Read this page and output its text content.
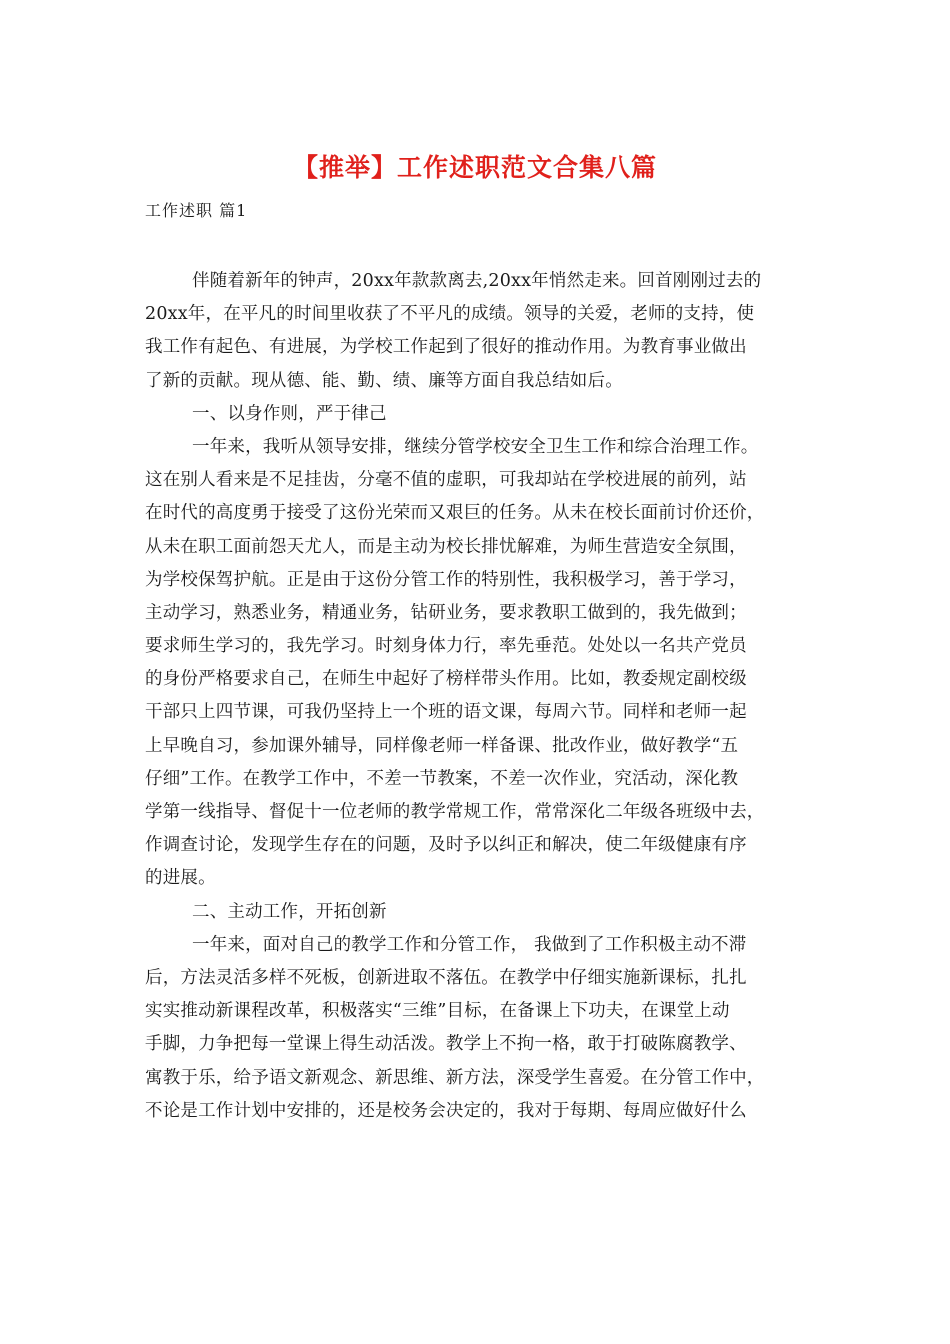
【推举】工作述职范文合集八篇
工作述职 篇1
伴随着新年的钟声，20xx年款款离去,20xx年悄然走来。回首刚刚过去的
20xx年，在平凡的时间里收获了不平凡的成绩。领导的关爱，老师的支持，使
我工作有起色、有进展，为学校工作起到了很好的推动作用。为教育事业做出
了新的贡献。现从德、能、勤、绩、廉等方面自我总结如后。
一、以身作则，严于律己
一年来，我听从领导安排，继续分管学校安全卫生工作和综合治理工作。
这在别人看来是不足挂齿，分毫不值的虚职，可我却站在学校进展的前列，站
在时代的高度勇于接受了这份光荣而又艰巨的任务。从未在校长面前讨价还价，
从未在职工面前怨天尤人，而是主动为校长排忧解难，为师生营造安全氛围，
为学校保驾护航。正是由于这份分管工作的特别性，我积极学习，善于学习，
主动学习，熟悉业务，精通业务，钻研业务，要求教职工做到的，我先做到；
要求师生学习的，我先学习。时刻身体力行，率先垂范。处处以一名共产党员
的身份严格要求自己，在师生中起好了榜样带头作用。比如，教委规定副校级
干部只上四节课，可我仍坚持上一个班的语文课，每周六节。同样和老师一起
上早晚自习，参加课外辅导，同样像老师一样备课、批改作业，做好教学“五
仔细”工作。在教学工作中，不差一节教案，不差一次作业，究活动，深化教
学第一线指导、督促十一位老师的教学常规工作，常常深化二年级各班级中去，
作调查讨论，发现学生存在的问题，及时予以纠正和解决，使二年级健康有序
的进展。
二、主动工作，开拓创新
一年来，面对自己的教学工作和分管工作， 我做到了工作积极主动不滞
后，方法灵活多样不死板，创新进取不落伍。在教学中仔细实施新课标，扎扎
实实推动新课程改革，积极落实“三维”目标，在备课上下功夫，在课堂上动
手脚，力争把每一堂课上得生动活泼。教学上不拘一格，敢于打破陈腐教学、
寓教于乐，给予语文新观念、新思维、新方法，深受学生喜爱。在分管工作中，
不论是工作计划中安排的，还是校务会决定的，我对于每期、每周应做好什么
